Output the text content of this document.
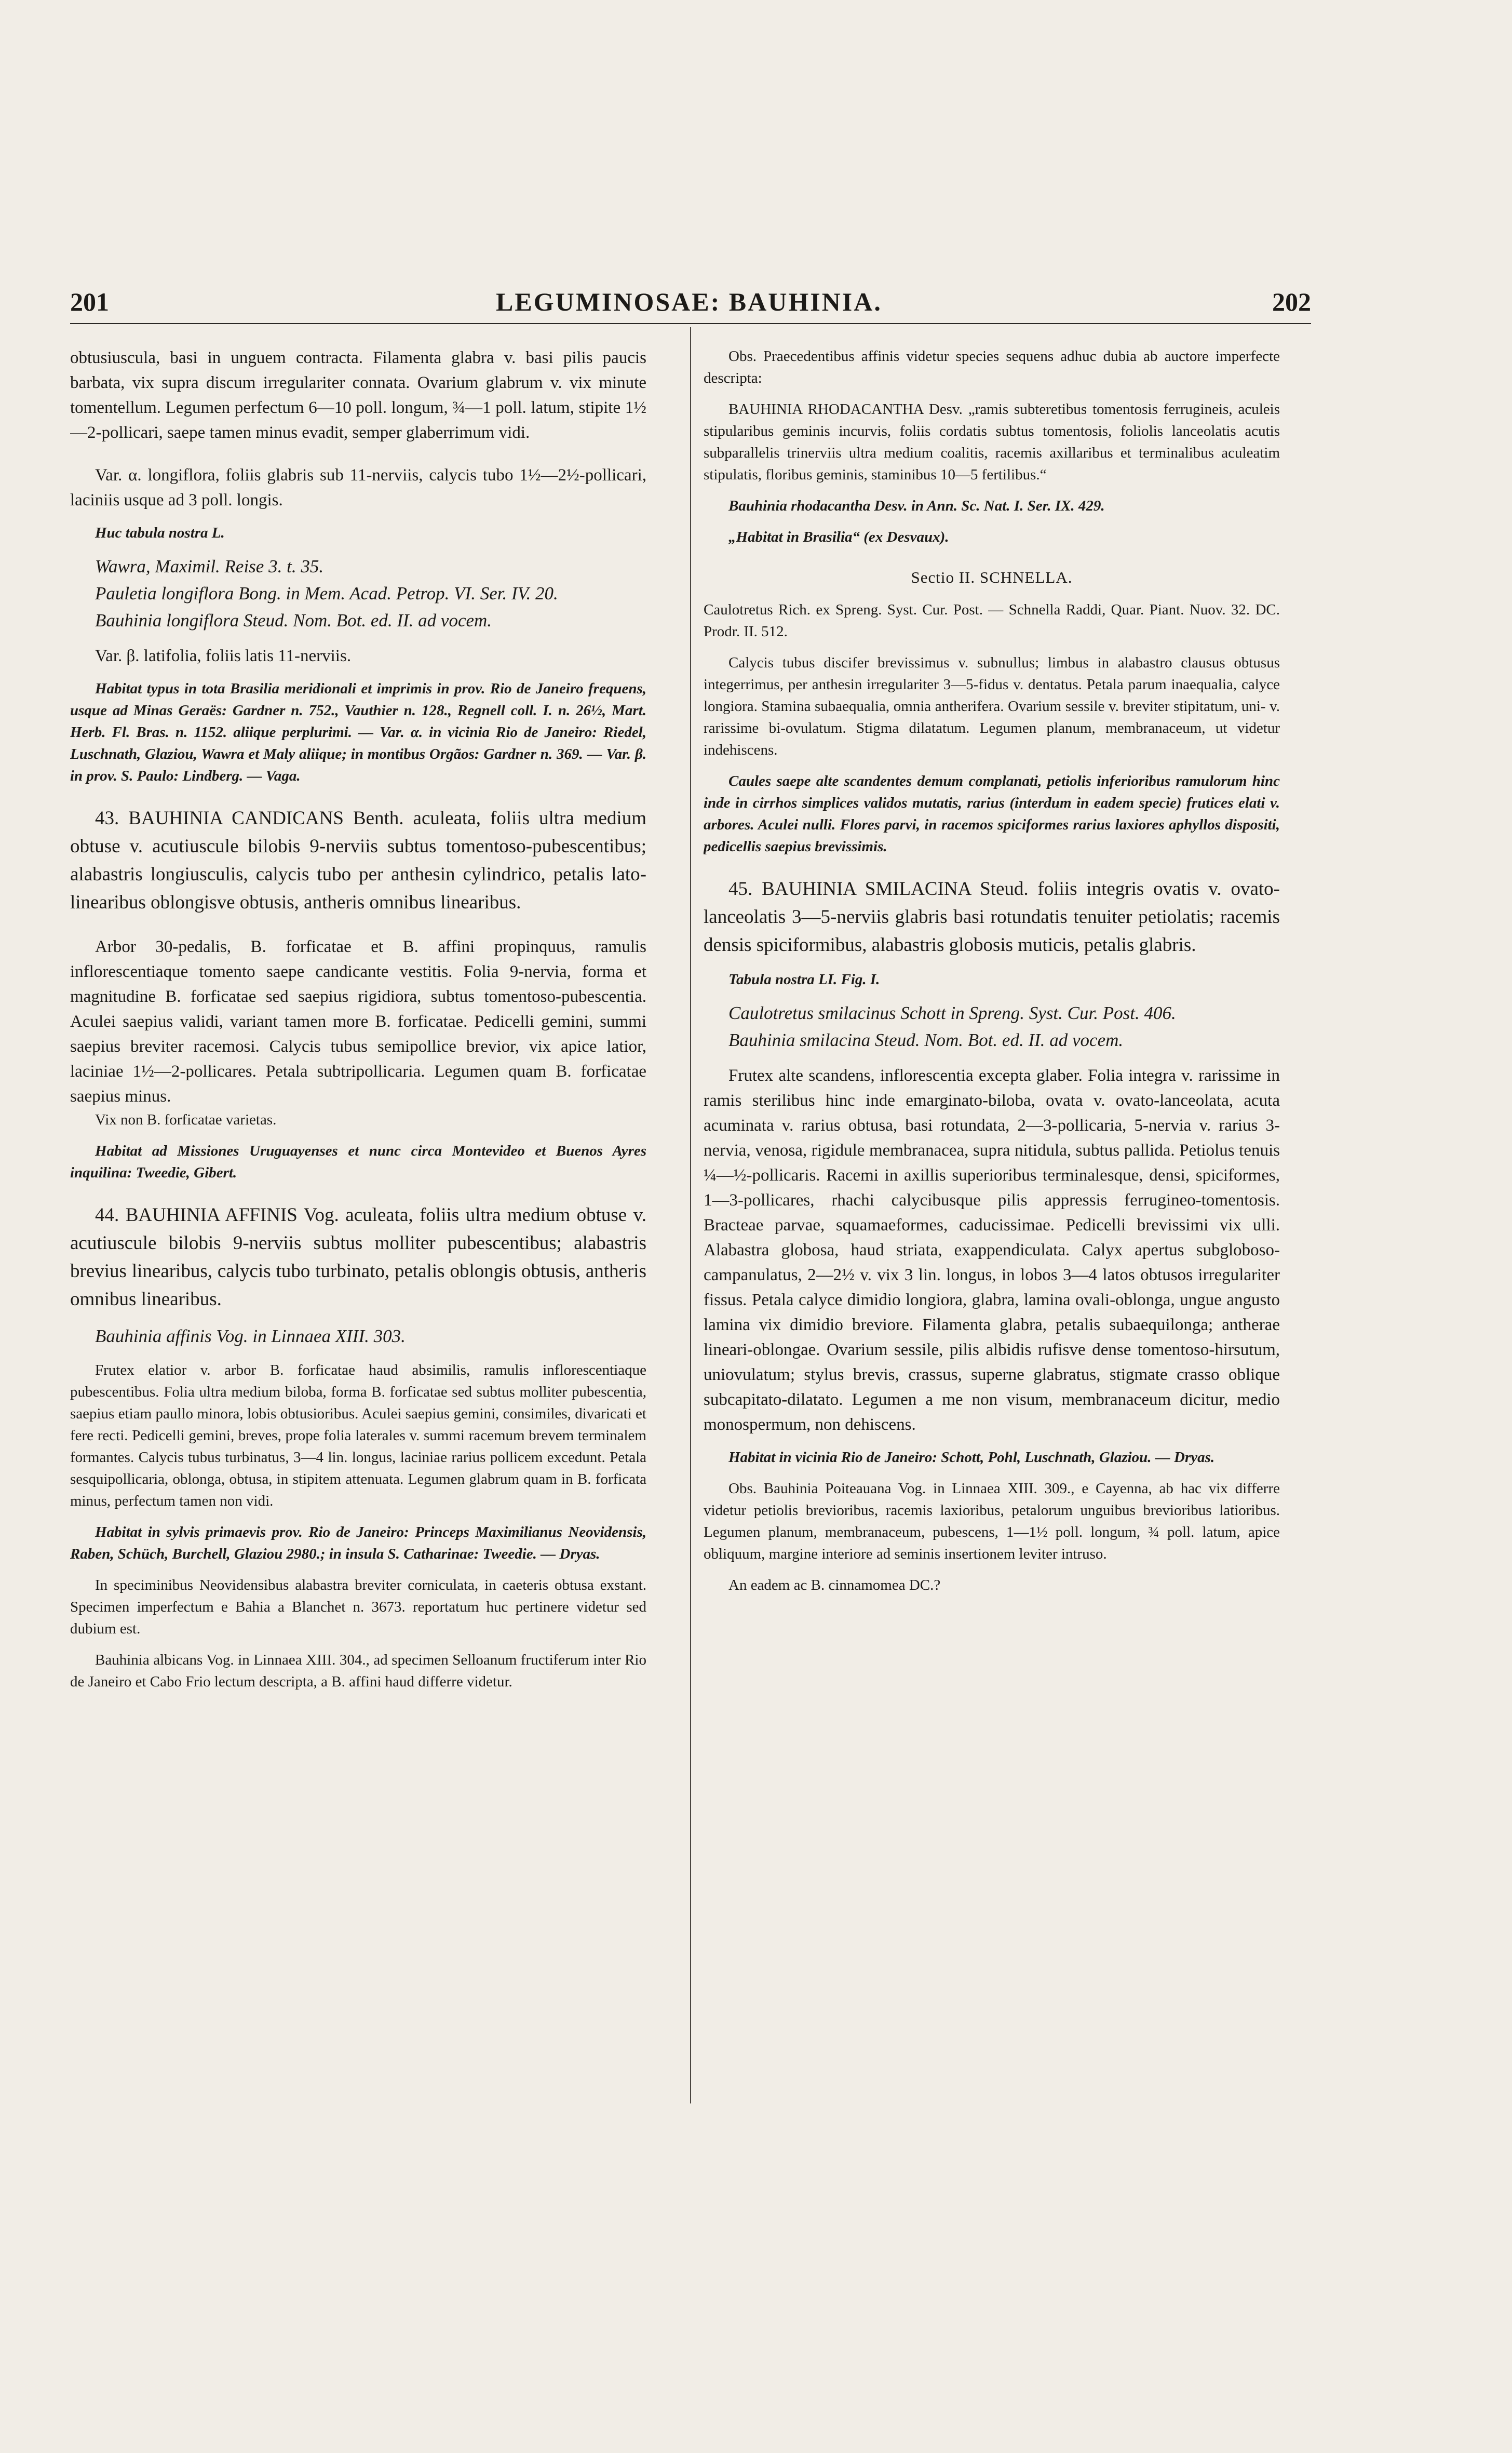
201	LEGUMINOSAE: BAUHINIA.	202
obtusiuscula, basi in unguem contracta. Filamenta glabra v. basi pilis paucis barbata, vix supra discum irregulariter connata. Ovarium glabrum v. vix minute tomentellum. Legumen perfectum 6—10 poll. longum, ¾—1 poll. latum, stipite 1½—2-pollicari, saepe tamen minus evadit, semper glaberrimum vidi.
Var. α. longiflora, foliis glabris sub 11-nerviis, calycis tubo 1½—2½-pollicari, laciniis usque ad 3 poll. longis.
Huc tabula nostra L.
Wawra, Maximil. Reise 3. t. 35.
Pauletia longiflora Bong. in Mem. Acad. Petrop. VI. Ser. IV. 20.
Bauhinia longiflora Steud. Nom. Bot. ed. II. ad vocem.
Var. β. latifolia, foliis latis 11-nerviis.
Habitat typus in tota Brasilia meridionali et imprimis in prov. Rio de Janeiro frequens, usque ad Minas Geraës: Gardner n. 752., Vauthier n. 128., Regnell coll. I. n. 26½, Mart. Herb. Fl. Bras. n. 1152. aliique perplurimi. — Var. α. in vicinia Rio de Janeiro: Riedel, Luschnath, Glaziou, Wawra et Maly aliique; in montibus Orgãos: Gardner n. 369. — Var. β. in prov. S. Paulo: Lindberg. — Vaga.
43. BAUHINIA CANDICANS Benth. aculeata, foliis ultra medium obtuse v. acutiuscule bilobis 9-nerviis subtus tomentoso-pubescentibus; alabastris longiusculis, calycis tubo per anthesin cylindrico, petalis lato-linearibus oblongisve obtusis, antheris omnibus linearibus.
Arbor 30-pedalis, B. forficatae et B. affini propinquus, ramulis inflorescentiaque tomento saepe candicante vestitis. Folia 9-nervia, forma et magnitudine B. forficatae sed saepius rigidiora, subtus tomentoso-pubescentia. Aculei saepius validi, variant tamen more B. forficatae. Pedicelli gemini, summi saepius breviter racemosi. Calycis tubus semipollice brevior, vix apice latior, laciniae 1½—2-pollicares. Petala subtripollicaria. Legumen quam B. forficatae saepius minus.
Vix non B. forficatae varietas.
Habitat ad Missiones Uruguayenses et nunc circa Montevideo et Buenos Ayres inquilina: Tweedie, Gibert.
44. BAUHINIA AFFINIS Vog. aculeata, foliis ultra medium obtuse v. acutiuscule bilobis 9-nerviis subtus molliter pubescentibus; alabastris brevius linearibus, calycis tubo turbinato, petalis oblongis obtusis, antheris omnibus linearibus.
Bauhinia affinis Vog. in Linnaea XIII. 303.
Frutex elatior v. arbor B. forficatae haud absimilis, ramulis inflorescentiaque pubescentibus. Folia ultra medium biloba, forma B. forficatae sed subtus molliter pubescentia, saepius etiam paullo minora, lobis obtusioribus. Aculei saepius gemini, consimiles, divaricati et fere recti. Pedicelli gemini, breves, prope folia laterales v. summi racemum brevem terminalem formantes. Calycis tubus turbinatus, 3—4 lin. longus, laciniae rarius pollicem excedunt. Petala sesquipollicaria, oblonga, obtusa, in stipitem attenuata. Legumen glabrum quam in B. forficata minus, perfectum tamen non vidi.
Habitat in sylvis primaevis prov. Rio de Janeiro: Princeps Maximilianus Neovidensis, Raben, Schüch, Burchell, Glaziou 2980.; in insula S. Catharinae: Tweedie. — Dryas.
In speciminibus Neovidensibus alabastra breviter corniculata, in caeteris obtusa exstant. Specimen imperfectum e Bahia a Blanchet n. 3673. reportatum huc pertinere videtur sed dubium est.
Bauhinia albicans Vog. in Linnaea XIII. 304., ad specimen Selloanum fructiferum inter Rio de Janeiro et Cabo Frio lectum descripta, a B. affini haud differre videtur.
Obs. Praecedentibus affinis videtur species sequens adhuc dubia ab auctore imperfecte descripta:
BAUHINIA RHODACANTHA Desv. „ramis subteretibus tomentosis ferrugineis, aculeis stipularibus geminis incurvis, foliis cordatis subtus tomentosis, foliolis lanceolatis acutis subparallelis trinerviis ultra medium coalitis, racemis axillaribus et terminalibus aculeatim stipulatis, floribus geminis, staminibus 10—5 fertilibus.“
Bauhinia rhodacantha Desv. in Ann. Sc. Nat. I. Ser. IX. 429.
„Habitat in Brasilia“ (ex Desvaux).
Sectio II. SCHNELLA.
Caulotretus Rich. ex Spreng. Syst. Cur. Post. — Schnella Raddi, Quar. Piant. Nuov. 32. DC. Prodr. II. 512.
Calycis tubus discifer brevissimus v. subnullus; limbus in alabastro clausus obtusus integerrimus, per anthesin irregulariter 3—5-fidus v. dentatus. Petala parum inaequalia, calyce longiora. Stamina subaequalia, omnia antherifera. Ovarium sessile v. breviter stipitatum, uni- v. rarissime bi-ovulatum. Stigma dilatatum. Legumen planum, membranaceum, ut videtur indehiscens.
Caules saepe alte scandentes demum complanati, petiolis inferioribus ramulorum hinc inde in cirrhos simplices validos mutatis, rarius (interdum in eadem specie) frutices elati v. arbores. Aculei nulli. Flores parvi, in racemos spiciformes rarius laxiores aphyllos dispositi, pedicellis saepius brevissimis.
45. BAUHINIA SMILACINA Steud. foliis integris ovatis v. ovato-lanceolatis 3—5-nerviis glabris basi rotundatis tenuiter petiolatis; racemis densis spiciformibus, alabastris globosis muticis, petalis glabris.
Tabula nostra LI. Fig. I.
Caulotretus smilacinus Schott in Spreng. Syst. Cur. Post. 406.
Bauhinia smilacina Steud. Nom. Bot. ed. II. ad vocem.
Frutex alte scandens, inflorescentia excepta glaber. Folia integra v. rarissime in ramis sterilibus hinc inde emarginato-biloba, ovata v. ovato-lanceolata, acuta acuminata v. rarius obtusa, basi rotundata, 2—3-pollicaria, 5-nervia v. rarius 3-nervia, venosa, rigidule membranacea, supra nitidula, subtus pallida. Petiolus tenuis ¼—½-pollicaris. Racemi in axillis superioribus terminalesque, densi, spiciformes, 1—3-pollicares, rhachi calycibusque pilis appressis ferrugineo-tomentosis. Bracteae parvae, squamaeformes, caducissimae. Pedicelli brevissimi vix ulli. Alabastra globosa, haud striata, exappendiculata. Calyx apertus subgloboso-campanulatus, 2—2½ v. vix 3 lin. longus, in lobos 3—4 latos obtusos irregulariter fissus. Petala calyce dimidio longiora, glabra, lamina ovali-oblonga, ungue angusto lamina vix dimidio breviore. Filamenta glabra, petalis subaequilonga; antherae lineari-oblongae. Ovarium sessile, pilis albidis rufisve dense tomentoso-hirsutum, uniovulatum; stylus brevis, crassus, superne glabratus, stigmate crasso oblique subcapitato-dilatato. Legumen a me non visum, membranaceum dicitur, medio monospermum, non dehiscens.
Habitat in vicinia Rio de Janeiro: Schott, Pohl, Luschnath, Glaziou. — Dryas.
Obs. Bauhinia Poiteauana Vog. in Linnaea XIII. 309., e Cayenna, ab hac vix differre videtur petiolis brevioribus, racemis laxioribus, petalorum unguibus brevioribus latioribus. Legumen planum, membranaceum, pubescens, 1—1½ poll. longum, ¾ poll. latum, apice obliquum, margine interiore ad seminis insertionem leviter intruso.
An eadem ac B. cinnamomea DC.?
